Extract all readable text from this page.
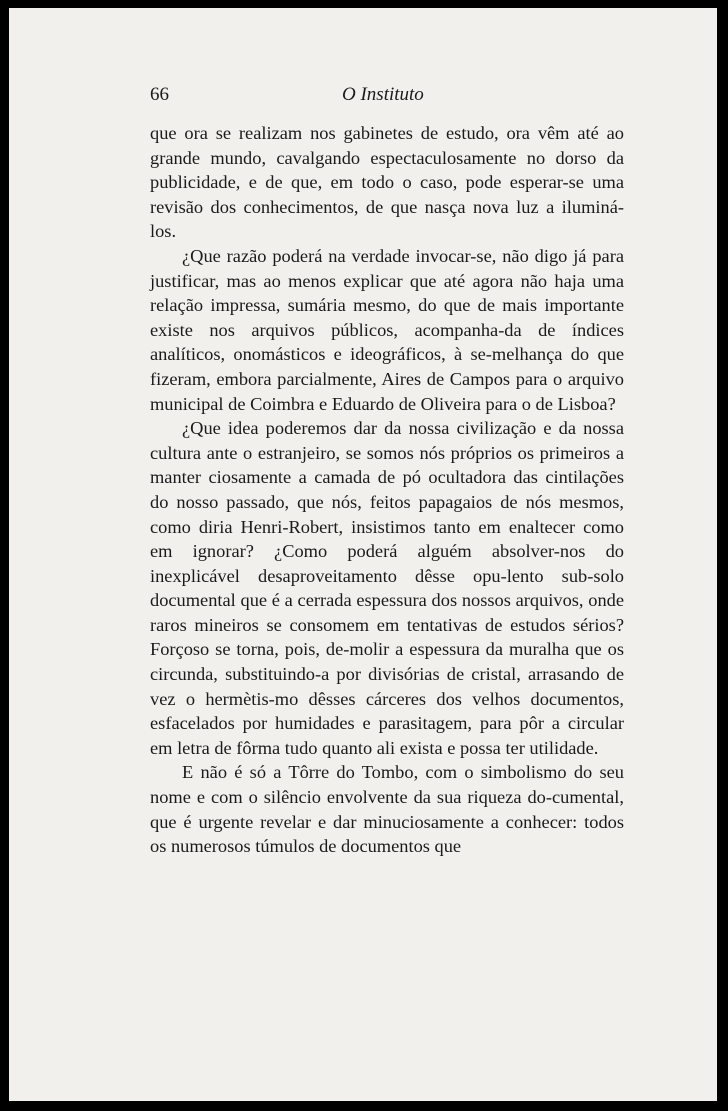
66	O Instituto

que ora se realizam nos gabinetes de estudo, ora vêm até ao grande mundo, cavalgando espectaculosamente no dorso da publicidade, e de que, em todo o caso, pode esperar-se uma revisão dos conhecimentos, de que nasça nova luz a iluminá-los.

¿Que razão poderá na verdade invocar-se, não digo já para justificar, mas ao menos explicar que até agora não haja uma relação impressa, sumária mesmo, do que de mais importante existe nos arquivos públicos, acompanha-da de índices analíticos, onomásticos e ideográficos, à se-melhança do que fizeram, embora parcialmente, Aires de Campos para o arquivo municipal de Coimbra e Eduardo de Oliveira para o de Lisboa?

¿Que idea poderemos dar da nossa civilização e da nossa cultura ante o estranjeiro, se somos nós próprios os primeiros a manter ciosamente a camada de pó ocultadora das cintilações do nosso passado, que nós, feitos papagaios de nós mesmos, como diria Henri-Robert, insistimos tanto em enaltecer como em ignorar? ¿Como poderá alguém absolver-nos do inexplicável desaproveitamento dêsse opu-lento sub-solo documental que é a cerrada espessura dos nossos arquivos, onde raros mineiros se consomem em tentativas de estudos sérios? Forçoso se torna, pois, de-molir a espessura da muralha que os circunda, substituindo-a por divisórias de cristal, arrasando de vez o hermètis-mo dêsses cárceres dos velhos documentos, esfacelados por humidades e parasitagem, para pôr a circular em letra de fôrma tudo quanto ali exista e possa ter utilidade.

E não é só a Tôrre do Tombo, com o simbolismo do seu nome e com o silêncio envolvente da sua riqueza do-cumental, que é urgente revelar e dar minuciosamente a conhecer: todos os numerosos túmulos de documentos que
